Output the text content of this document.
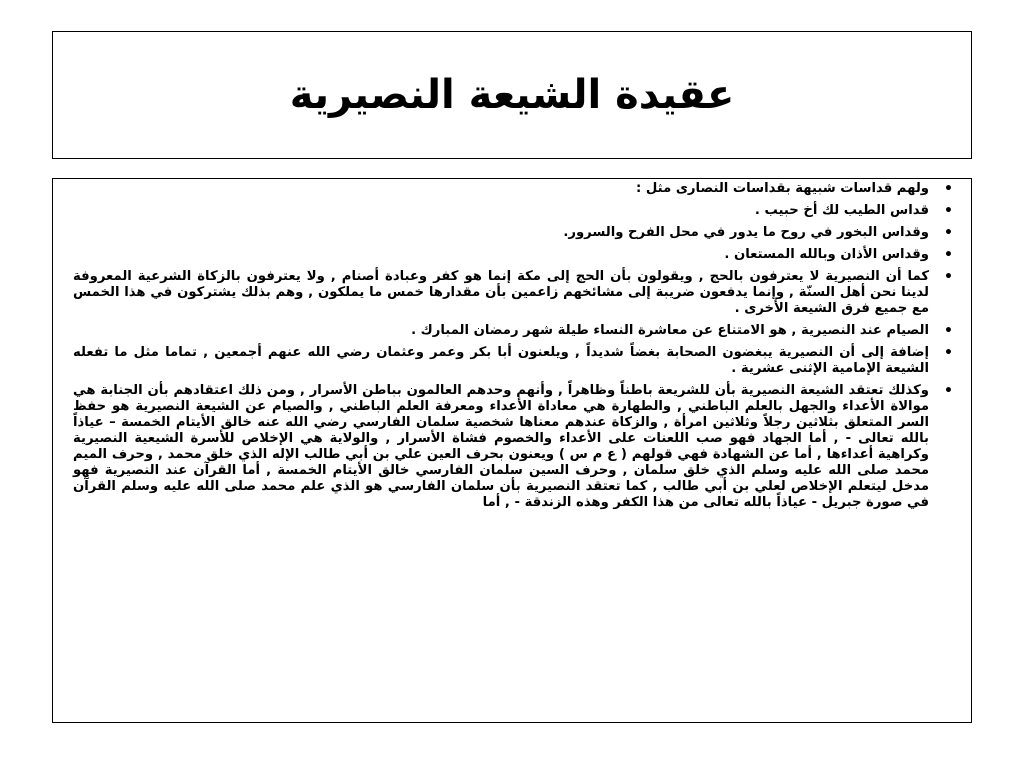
عقيدة الشيعة النصيرية
•
ولهم قداسات شبيهة بقداسات النصارى مثل :
•
قداس الطيب لك أخ حبيب .
•
وقداس البخور في روح ما يدور في محل الفرح والسرور.
•
وقداس الأذان وبالله المستعان .
•
كما أن النصيرية لا يعترفون بالحج , ويقولون بأن الحج إلى مكة إنما هو كفر وعبادة أصنام , ولا يعترفون بالزكاة الشرعية المعروفة لدينا نحن أهل السنّة , وإنما يدفعون ضريبة إلى مشائخهم زاعمين بأن مقدارها خمس ما يملكون , وهم بذلك يشتركون في هذا الخمس مع جميع فرق الشيعة الأخرى .
•
الصيام عند النصيرية , هو الامتناع عن معاشرة النساء طيلة شهر رمضان المبارك .
•
إضافة إلى أن النصيرية يبغضون الصحابة بغضاً شديداً , ويلعنون أبا بكر وعمر وعثمان رضي الله عنهم أجمعين , تماما مثل ما تفعله الشيعة الإمامية الإثنى عشرية .
•
وكذلك تعتقد الشيعة النصيرية بأن للشريعة باطناً وظاهراً , وأنهم وحدهم العالمون بباطن الأسرار , ومن ذلك اعتقادهم بأن الجنابة هي موالاة الأعداء والجهل بالعلم الباطني , والطهارة هي معاداة الأعداء ومعرفة العلم الباطني , والصيام عن الشيعة النصيرية هو حفظ السر المتعلق بثلاثين رجلاً وثلاثين امرأة , والزكاة عندهم معناها شخصية سلمان الفارسي رضي الله عنه خالق الأيتام الخمسة – عياذاً بالله تعالى - , أما الجهاد فهو صب اللعنات على الأعداء والخصوم فشاة الأسرار , والولاية هي الإخلاص للأسرة الشيعية النصيرية وكراهية أعداءها , أما عن الشهادة فهي قولهم ( ع م س ) ويعنون بحرف العين علي بن أبي طالب الإله الذي خلق محمد , وحرف الميم محمد صلى الله عليه وسلم الذي خلق سلمان , وحرف السين سلمان الفارسي خالق الأيتام الخمسة , أما القرآن عند النصيرية فهو مدخل ليتعلم الإخلاص لعلي بن أبي طالب , كما تعتقد النصيرية بأن سلمان الفارسي هو الذي علم محمد صلى الله عليه وسلم القرآن في صورة جبريل - عياذاً بالله تعالى من هذا الكفر وهذه الزندقة - , أما
